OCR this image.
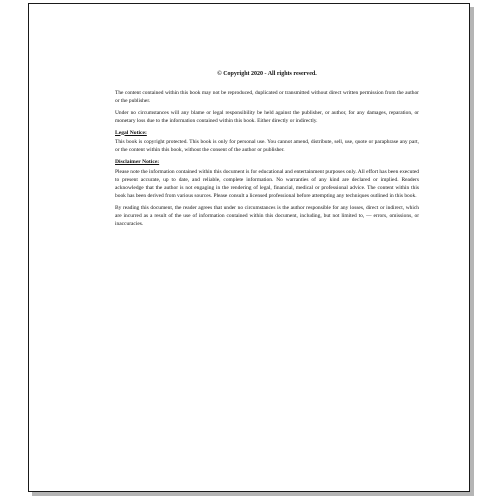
© Copyright 2020 - All rights reserved.

The content contained within this book may not be reproduced, duplicated or transmitted without direct written permission from the author or the publisher.

Under no circumstances will any blame or legal responsibility be held against the publisher, or author, for any damages, reparation, or monetary loss due to the information contained within this book. Either directly or indirectly.

Legal Notice:

This book is copyright protected. This book is only for personal use. You cannot amend, distribute, sell, use, quote or paraphrase any part, or the content within this book, without the consent of the author or publisher.

Disclaimer Notice:

Please note the information contained within this document is for educational and entertainment purposes only. All effort has been executed to present accurate, up to date, and reliable, complete information. No warranties of any kind are declared or implied. Readers acknowledge that the author is not engaging in the rendering of legal, financial, medical or professional advice. The content within this book has been derived from various sources. Please consult a licensed professional before attempting any techniques outlined in this book.

By reading this document, the reader agrees that under no circumstances is the author responsible for any losses, direct or indirect, which are incurred as a result of the use of information contained within this document, including, but not limited to, — errors, omissions, or inaccuracies.
